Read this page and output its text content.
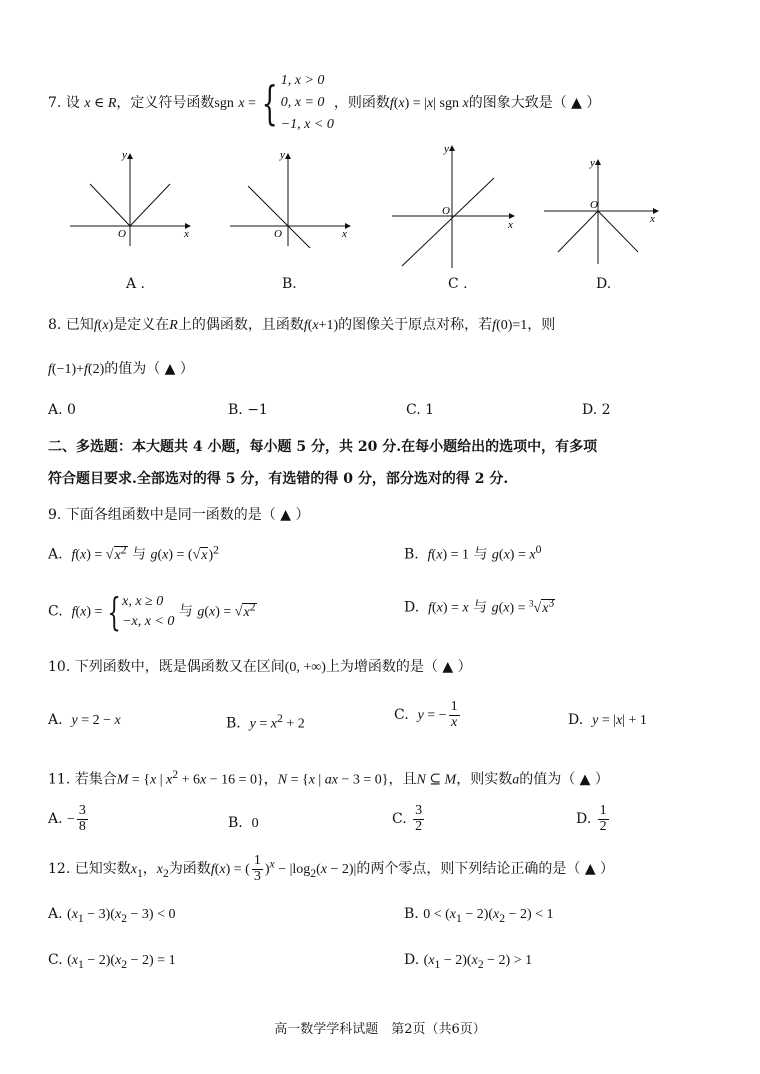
7. 设 x ∈ R，定义符号函数sgn x = { 1, x > 0
0, x = 0
−1, x < 0
，则函数f(x) = |x| sgn x的图象大致是（ ▲ ）
y
O	x
A .
y
O	x
B.
y
O
x
C .
y
O
x
D.
8. 已知f(x)是定义在R上的偶函数，且函数f(x+1)的图像关于原点对称，若f(0)=1，则
f(−1)+f(2)的值为（ ▲ ）
A. 0	B. −1	C. 1	D. 2
二、多选题：本大题共 4 小题，每小题 5 分，共 20 分.在每小题给出的选项中，有多项
符合题目要求.全部选对的得 5 分，有选错的得 0 分，部分选对的得 2 分.
9. 下面各组函数中是同一函数的是（ ▲ ）
A. $f(x) = √x^2$ 与 $g(x) = (√x)^2$	B. f(x) = 1 与 $g(x) = x^0$
C. f(x) = { x, x ≥ 0
−x, x < 0
与 $g(x) = √x^2$	D. f(x) = x 与 $g(x) = ^3√x^3$
10. 下列函数中，既是偶函数又在区间(0, +∞)上为增函数的是（ ▲ ）
A. y = 2 − x	B. $y = x^2 + 2$
C. y = − $\frac{1}{x}$	D. y = |x| + 1
11. 若集合M = {x | $x^2 + 6x - 16 = 0$}，N = {x | ax − 3 = 0}，且N ⊆ M，则实数a的值为（ ▲ ）
A. − $\frac{3}{8}$	B. 0	C. $\frac{3}{2}$	D. $\frac{1}{2}$
12. 已知实数$x_1$，$x_2$为函数f(x) = ( $\frac{1}{3} )^x - |\log_2(x - 2)|$的两个零点，则下列结论正确的是（ ▲ ）
A. $(x_1 - 3)(x_2 - 3) < 0$	B. $0 < (x_1 - 2)(x_2 - 2) < 1$
C. $(x_1 - 2)(x_2 - 2) = 1$	D. $(x_1 - 2)(x_2 - 2) > 1$
高一数学学科试题　第2页（共6页）
